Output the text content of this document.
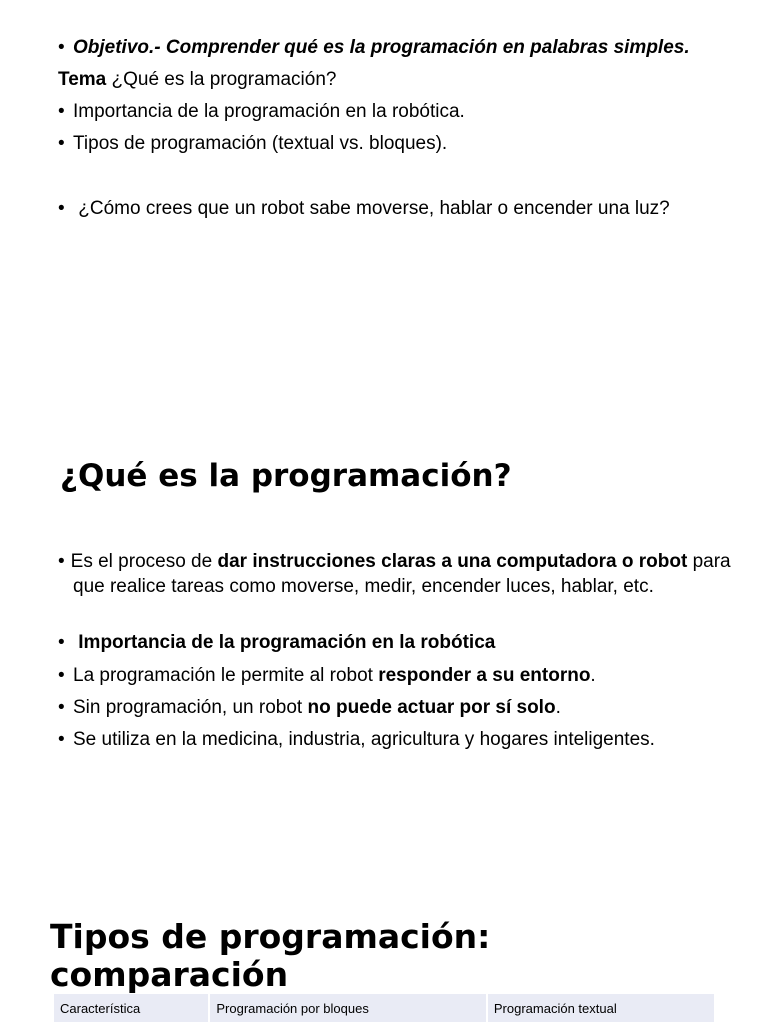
• Objetivo.- Comprender qué es la programación en palabras simples.
Tema ¿Qué es la programación?
• Importancia de la programación en la robótica.
• Tipos de programación (textual vs. bloques).
• ¿Cómo crees que un robot sabe moverse, hablar o encender una luz?
¿Qué es la programación?
• Es el proceso de dar instrucciones claras a una computadora o robot para que realice tareas como moverse, medir, encender luces, hablar, etc.
• Importancia de la programación en la robótica
• La programación le permite al robot responder a su entorno.
• Sin programación, un robot no puede actuar por sí solo.
• Se utiliza en la medicina, industria, agricultura y hogares inteligentes.
Tipos de programación: comparación
Característica	Programación por bloques	Programación textual
